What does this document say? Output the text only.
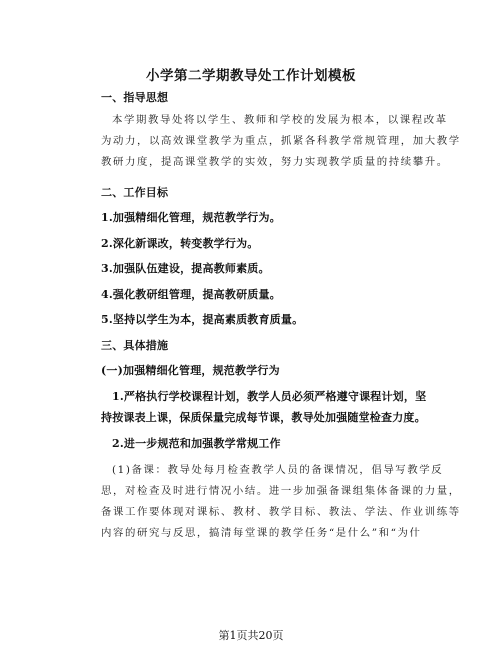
小学第二学期教导处工作计划模板
一、指导思想
本学期教导处将以学生、教师和学校的发展为根本，以课程改革
为动力，以高效课堂教学为重点，抓紧各科教学常规管理，加大教学
教研力度，提高课堂教学的实效，努力实现教学质量的持续攀升。
二、工作目标
1.加强精细化管理，规范教学行为。
2.深化新课改，转变教学行为。
3.加强队伍建设，提高教师素质。
4.强化教研组管理，提高教研质量。
5.坚持以学生为本，提高素质教育质量。
三、具体措施
(一)加强精细化管理，规范教学行为
1.严格执行学校课程计划，教学人员必须严格遵守课程计划，坚
持按课表上课，保质保量完成每节课，教导处加强随堂检查力度。
2.进一步规范和加强教学常规工作
(1)备课：教导处每月检查教学人员的备课情况，倡导写教学反
思，对检查及时进行情况小结。进一步加强备课组集体备课的力量，
备课工作要体现对课标、教材、教学目标、教法、学法、作业训练等
内容的研究与反思，搞清每堂课的教学任务“是什么”和“为什
第1页共20页
